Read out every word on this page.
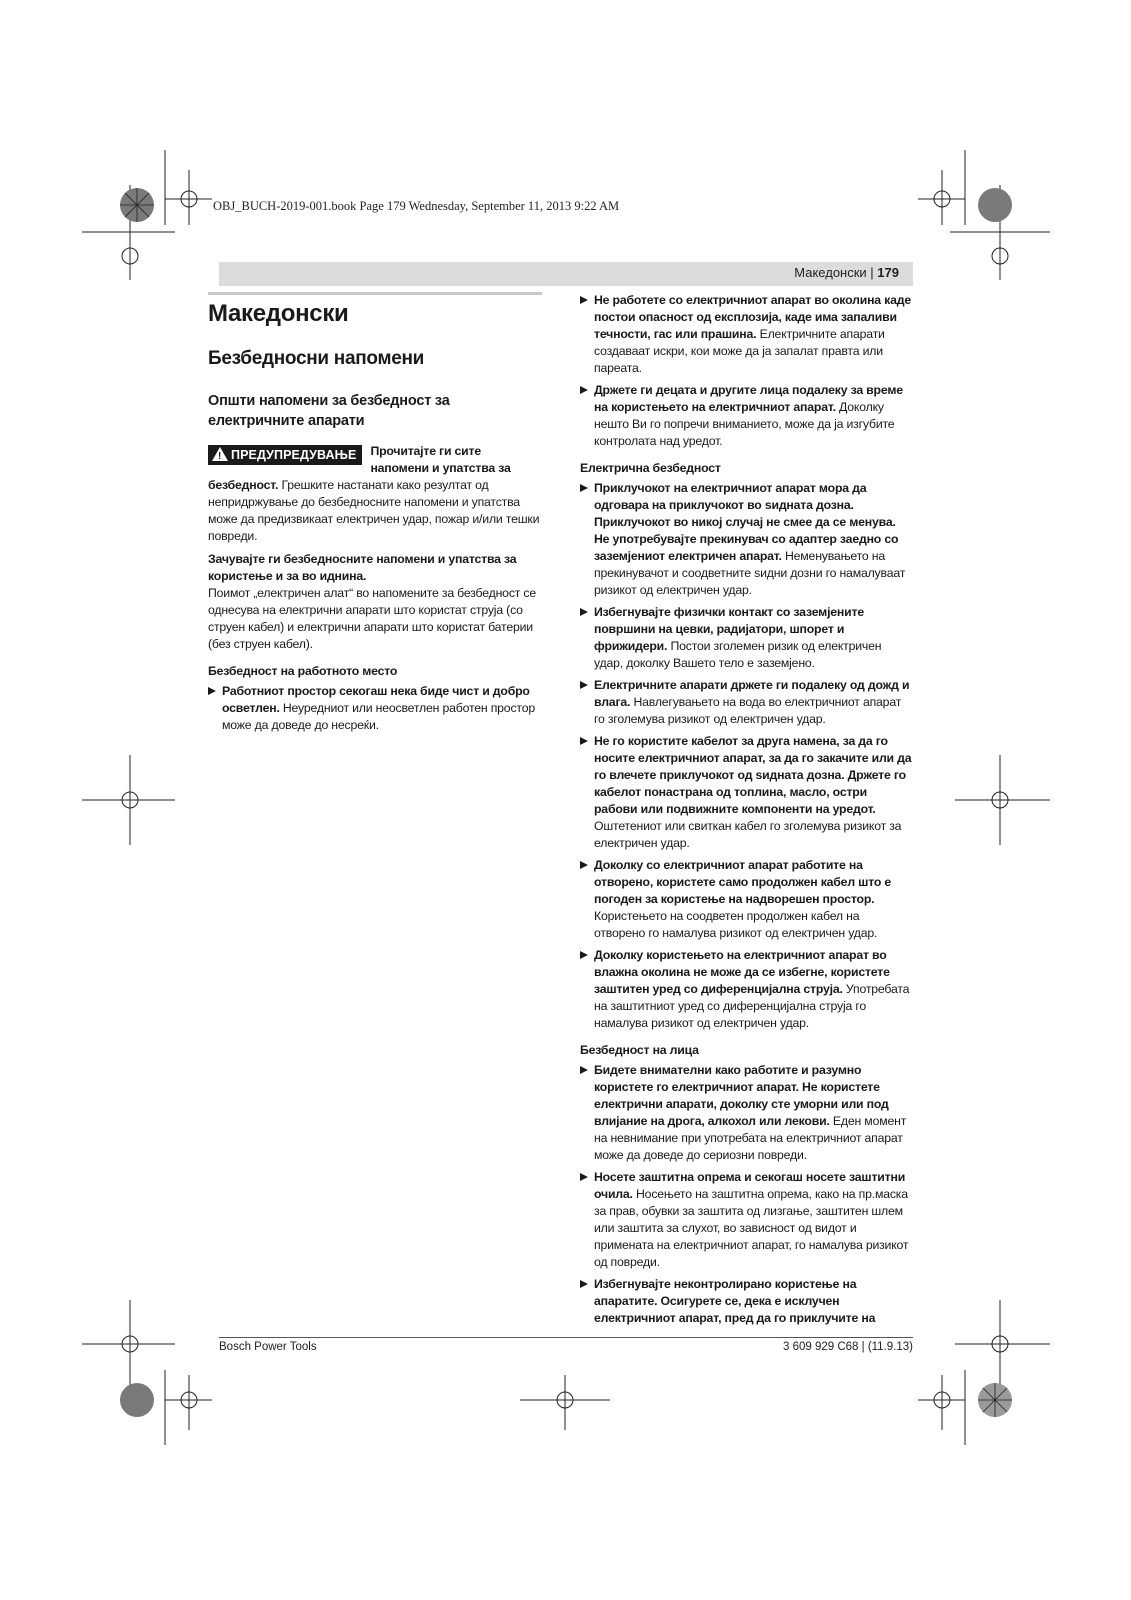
OBJ_BUCH-2019-001.book Page 179 Wednesday, September 11, 2013 9:22 AM
Македонски | 179
Македонски
Безбедносни напомени
Општи напомени за безбедност за електричните апарати
!ПРЕДУПРЕДУВАЊЕ	Прочитајте ги сите напомени и упатства за безбедност. Грешките настанати како резултат од непридржување до безбедносните напомени и упатства може да предизвикаат електричен удар, пожар и/или тешки повреди.

Зачувајте ги безбедносните напомени и упатства за користење и за во иднина.

Поимот „електричен алат“ во напомените за безбедност се однесува на електрични апарати што користат струја (со струен кабел) и електрични апарати што користат батерии (без струен кабел).

Безбедност на работното место
Работниот простор секогаш нека биде чист и добро осветлен. Неуредниот или неосветлен работен простор може да доведе до несреќи.
Не работете со електричниот апарат во околина каде постои опасност од експлозија, каде има запаливи течности, гас или прашина. Електричните апарати создаваат искри, кои може да ја запалат правта или пареата.
Држете ги децата и другите лица подалеку за време на користењето на електричниот апарат. Доколку нешто Ви го попречи вниманието, може да ја изгубите контролата над уредот.
Електрична безбедност
Приклучокот на електричниот апарат мора да одговара на приклучокот во ѕидната дозна. Приклучокот во никој случај не смее да се менува. Не употребувајте прекинувач со адаптер заедно со заземјениот електричен апарат. Неменувањето на прекинувачот и соодветните ѕидни дозни го намалуваат ризикот од електричен удар.
Избегнувајте физички контакт со заземјените површини на цевки, радијатори, шпорет и фрижидери. Постои зголемен ризик од електричен удар, доколку Вашето тело е заземјено.
Електричните апарати држете ги подалеку од дожд и влага. Навлегувањето на вода во електричниот апарат го зголемува ризикот од електричен удар.
Не го користите кабелот за друга намена, за да го носите електричниот апарат, за да го закачите или да го влечете приклучокот од ѕидната дозна. Држете го кабелот понастрана од топлина, масло, остри рабови или подвижните компоненти на уредот. Оштетениот или свиткан кабел го зголемува ризикот за електричен удар.
Доколку со електричниот апарат работите на отворено, користете само продолжен кабел што е погоден за користење на надворешен простор. Користењето на соодветен продолжен кабел на отворено го намалува ризикот од електричен удар.
Доколку користењето на електричниот апарат во влажна околина не може да се избегне, користете заштитен уред со диференцијална струја. Употребата на заштитниот уред со диференцијална струја го намалува ризикот од електричен удар.
Безбедност на лица
Бидете внимателни како работите и разумно користете го електричниот апарат. Не користете електрични апарати, доколку сте уморни или под влијание на дрога, алкохол или лекови. Еден момент на невнимание при употребата на електричниот апарат може да доведе до сериозни повреди.
Носете заштитна опрема и секогаш носете заштитни очила. Носењето на заштитна опрема, како на пр.маска за прав, обувки за заштита од лизгање, заштитен шлем или заштита за слухот, во зависност од видот и примената на електричниот апарат, го намалува ризикот од повреди.
Избегнувајте неконтролирано користење на апаратите. Осигурете се, дека е исклучен електричниот апарат, пред да го приклучите на
Bosch Power Tools	3 609 929 C68 | (11.9.13)
